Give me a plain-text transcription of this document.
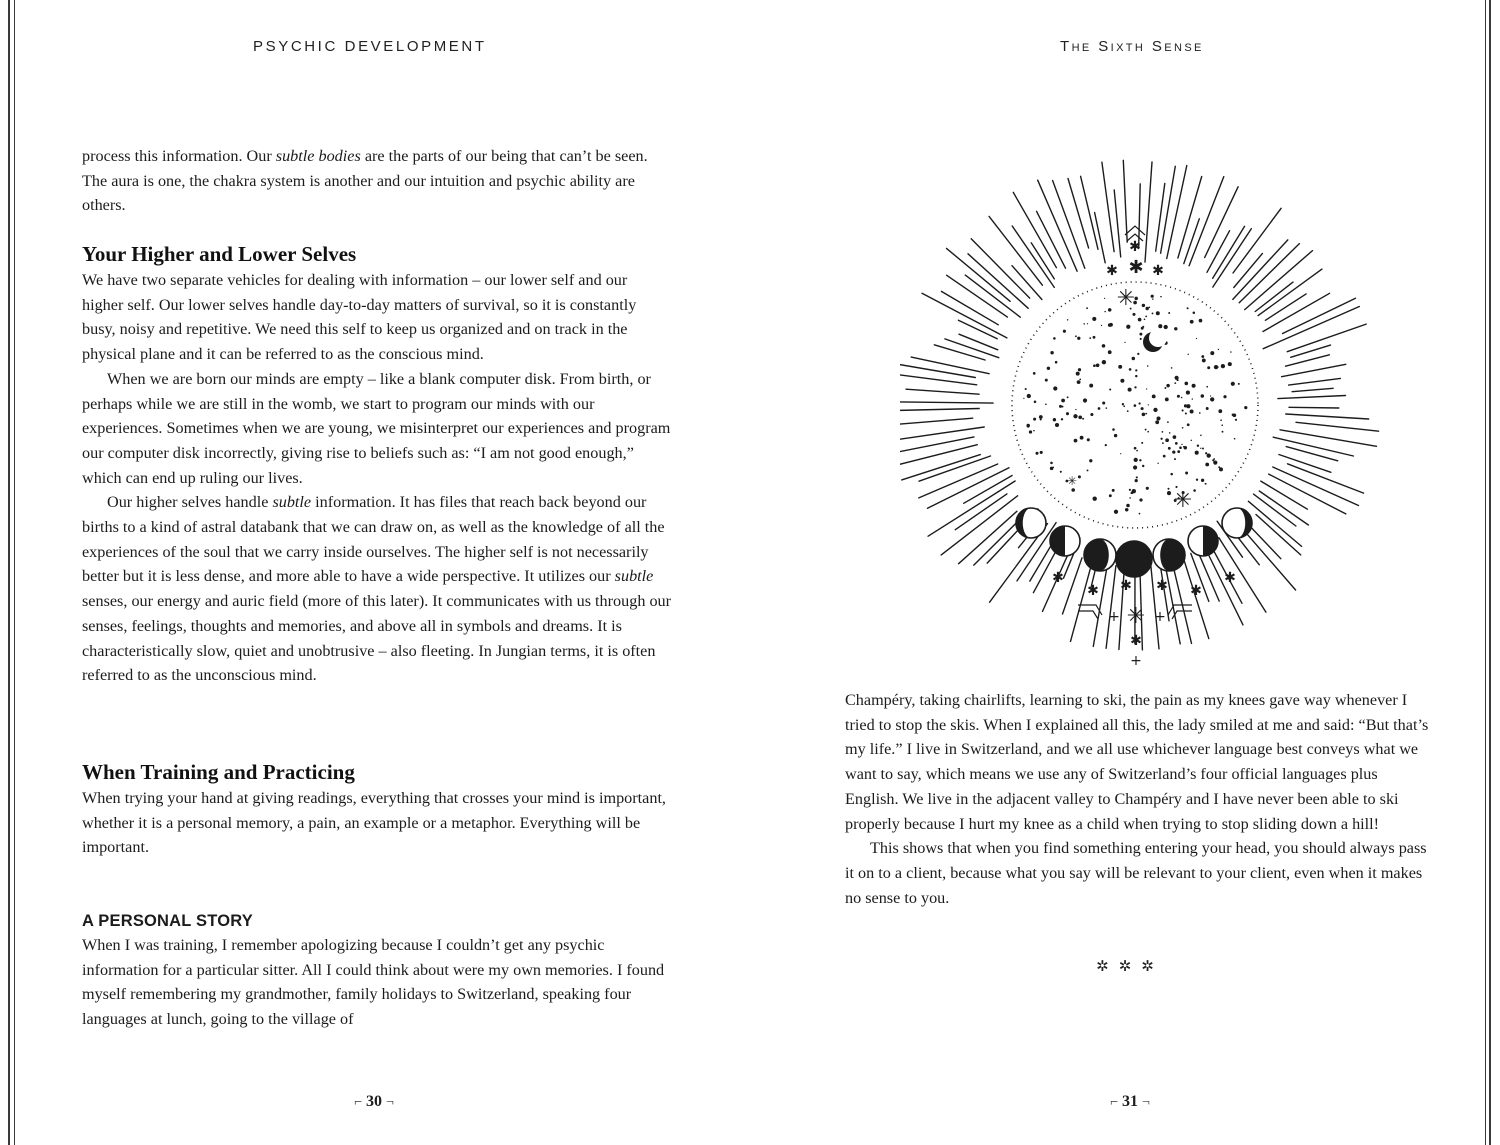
PSYCHIC DEVELOPMENT

process this information. Our subtle bodies are the parts of our being that can’t be seen. The aura is one, the chakra system is another and our intuition and psychic ability are others.

Your Higher and Lower Selves

We have two separate vehicles for dealing with information – our lower self and our higher self. Our lower selves handle day-to-day matters of survival, so it is constantly busy, noisy and repetitive. We need this self to keep us organized and on track in the physical plane and it can be referred to as the conscious mind.

When we are born our minds are empty – like a blank computer disk. From birth, or perhaps while we are still in the womb, we start to program our minds with our experiences. Sometimes when we are young, we misinterpret our experiences and program our computer disk incorrectly, giving rise to beliefs such as: “I am not good enough,” which can end up ruling our lives.

Our higher selves handle subtle information. It has files that reach back beyond our births to a kind of astral databank that we can draw on, as well as the knowledge of all the experiences of the soul that we carry inside ourselves. The higher self is not necessarily better but it is less dense, and more able to have a wide perspective. It utilizes our subtle senses, our energy and auric field (more of this later). It communicates with us through our senses, feelings, thoughts and memories, and above all in symbols and dreams. It is characteristically slow, quiet and unobtrusive – also fleeting. In Jungian terms, it is often referred to as the unconscious mind.

When Training and Practicing

When trying your hand at giving readings, everything that crosses your mind is important, whether it is a personal memory, a pain, an example or a metaphor. Everything will be important.

A PERSONAL STORY

When I was training, I remember apologizing because I couldn’t get any psychic information for a particular sitter. All I could think about were my own memories. I found myself remembering my grandmother, family holidays to Switzerland, speaking four languages at lunch, going to the village of

⌐ 30 ¬
The Sixth Sense
✱
✱ ✱ ✱
✳
✳
✳
✱
✱ ✱ ✱ ✱
✱
✳
+ +
✱
+

Champéry, taking chairlifts, learning to ski, the pain as my knees gave way whenever I tried to stop the skis. When I explained all this, the lady smiled at me and said: “But that’s my life.” I live in Switzerland, and we all use whichever language best conveys what we want to say, which means we use any of Switzerland’s four official languages plus English. We live in the adjacent valley to Champéry and I have never been able to ski properly because I hurt my knee as a child when trying to stop sliding down a hill!

This shows that when you find something entering your head, you should always pass it on to a client, because what you say will be relevant to your client, even when it makes no sense to you.

✲✲✲
⌐ 31 ¬
